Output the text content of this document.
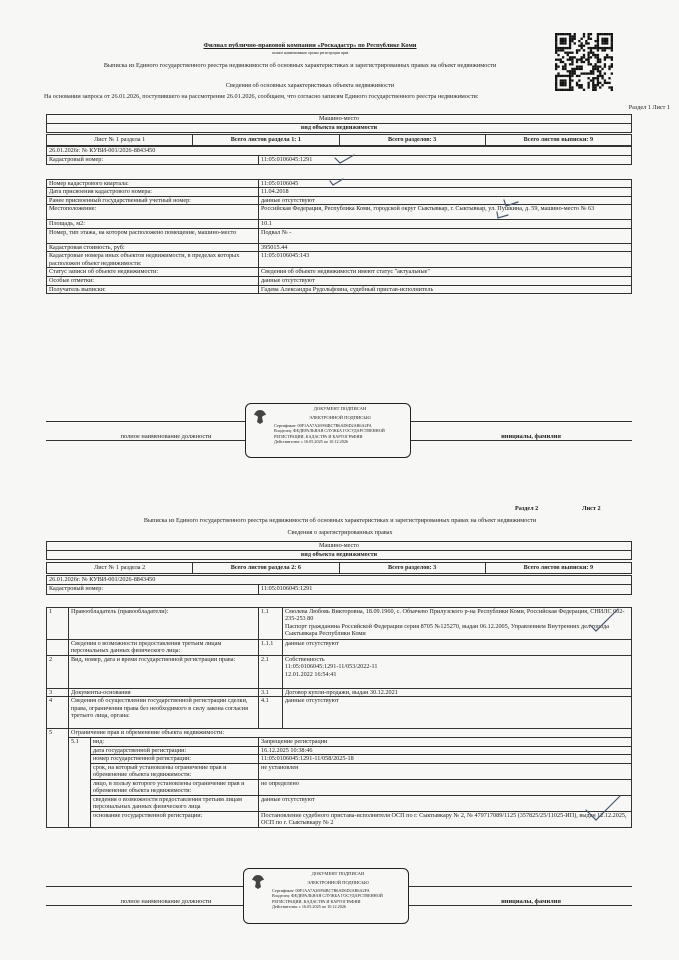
Филиал публично-правовой компании «Роскадастр» по Республике Коми
полное наименование органа регистрации прав
Выписка из Единого государственного реестра недвижимости об основных характеристиках и зарегистрированных правах на объект недвижимости
Сведения об основных характеристиках объекта недвижимости
На основании запроса от 26.01.2026, поступившего на рассмотрение 26.01.2026, сообщаем, что согласно записям Единого государственного реестра недвижимости:
Раздел 1 Лист 1
Машино-место
вид объекта недвижимости
Лист № 1 раздела 1	Всего листов раздела 1: 1	Всего разделов: 3	Всего листов выписки: 9
26.01.2026г. № КУВИ-001/2026-8843450
Кадастровый номер:	11:05:0106045:1291
Номер кадастрового квартала:	11:05:0106045
Дата присвоения кадастрового номера:	11.04.2018
Ранее присвоенный государственный учетный номер:	данные отсутствуют
Местоположение:	Российская Федерация, Республика Коми, городской округ Сыктывкар, г. Сыктывкар, ул. Пушкина, д. 59, машино-место № 63
Площадь, м2:	10.1
Номер, тип этажа, на котором расположено помещение, машино-место	Подвал № -
Кадастровая стоимость, руб:	395015.44
Кадастровые номера иных объектов недвижимости, в пределах которых расположен объект недвижимости:	11:05:0106045:143
Статус записи об объекте недвижимости:	Сведения об объекте недвижимости имеют статус "актуальные"
Особые отметки:	данные отсутствуют
Получатель выписки:	Гадева Александра Рудольфовна, судебный пристав-исполнитель
полное наименование должности	инициалы, фамилия
ДОКУМЕНТ ПОДПИСАН
ЭЛЕКТРОННОЙ ПОДПИСЬЮ
Сертификат: 00F1AA7A26994BC7B6AD6D2AB6A2FA
Владелец: ФЕДЕРАЛЬНАЯ СЛУЖБА ГОСУДАРСТВЕННОЙ
РЕГИСТРАЦИИ, КАДАСТРА И КАРТОГРАФИИ
Действителен: с 16.05.2025 по 10.12.2026
Раздел 2	Лист 2
Выписка из Единого государственного реестра недвижимости об основных характеристиках и зарегистрированных правах на объект недвижимости
Сведения о зарегистрированных правах
Машино-место
вид объекта недвижимости
Лист № 1 раздела 2	Всего листов раздела 2: 6	Всего разделов: 3	Всего листов выписки: 9
26.01.2026г. № КУВИ-001/2026-8843450
Кадастровый номер:	11:05:0106045:1291
1	Правообладатель (правообладатели):		1.1	Смолева Любовь Викторовна, 18.09.1960, с. Объячево Прилузского р-на Республики Коми, Российская Федерация, СНИЛС 002-235-253 80
Паспорт гражданина Российской Федерации серия 8705 №125270, выдан 06.12.2005, Управлением Внутренних дел города Сыктывкара Республики Коми
	Сведения о возможности предоставления третьим лицам персональных данных физического лица:		1.1.1	данные отсутствуют
2	Вид, номер, дата и время государственной регистрации права:		2.1	Собственность
11:05:0106045:1291-11/053/2022-11
12.01.2022 16:54:41
3	Документы-основания		3.1	Договор купли-продажи, выдан 30.12.2021
4	Сведения об осуществлении государственной регистрации сделки, права, ограничения права без необходимого в силу закона согласия третьего лица, органа:		4.1	данные отсутствуют
5	Ограничение прав и обременение объекта недвижимости:			
	5.1	вид:	Запрещение регистрации	
		дата государственной регистрации:	16.12.2025 10:38:46	
		номер государственной регистрации:	11:05:0106045:1291-11/058/2025-18	
		срок, на который установлены ограничение прав и обременение объекта недвижимости:	не установлен	
		лицо, в пользу которого установлены ограничение прав и обременение объекта недвижимости:	не определено	
		сведения о возможности предоставления третьим лицам персональных данных физического лица	данные отсутствуют	
		основание государственной регистрации:	Постановление судебного пристава-исполнителя ОСП по г. Сыктывкару № 2, № 479717089/1125 (357825/25/11025-ИП), выдан 12.12.2025, ОСП по г. Сыктывкару № 2	
полное наименование должности	инициалы, фамилия
ДОКУМЕНТ ПОДПИСАН
ЭЛЕКТРОННОЙ ПОДПИСЬЮ
Сертификат: 00F1AA7A26994BC7B6AD6D2AB6A2FA
Владелец: ФЕДЕРАЛЬНАЯ СЛУЖБА ГОСУДАРСТВЕННОЙ
РЕГИСТРАЦИИ, КАДАСТРА И КАРТОГРАФИИ
Действителен: с 16.05.2025 по 10.12.2026
